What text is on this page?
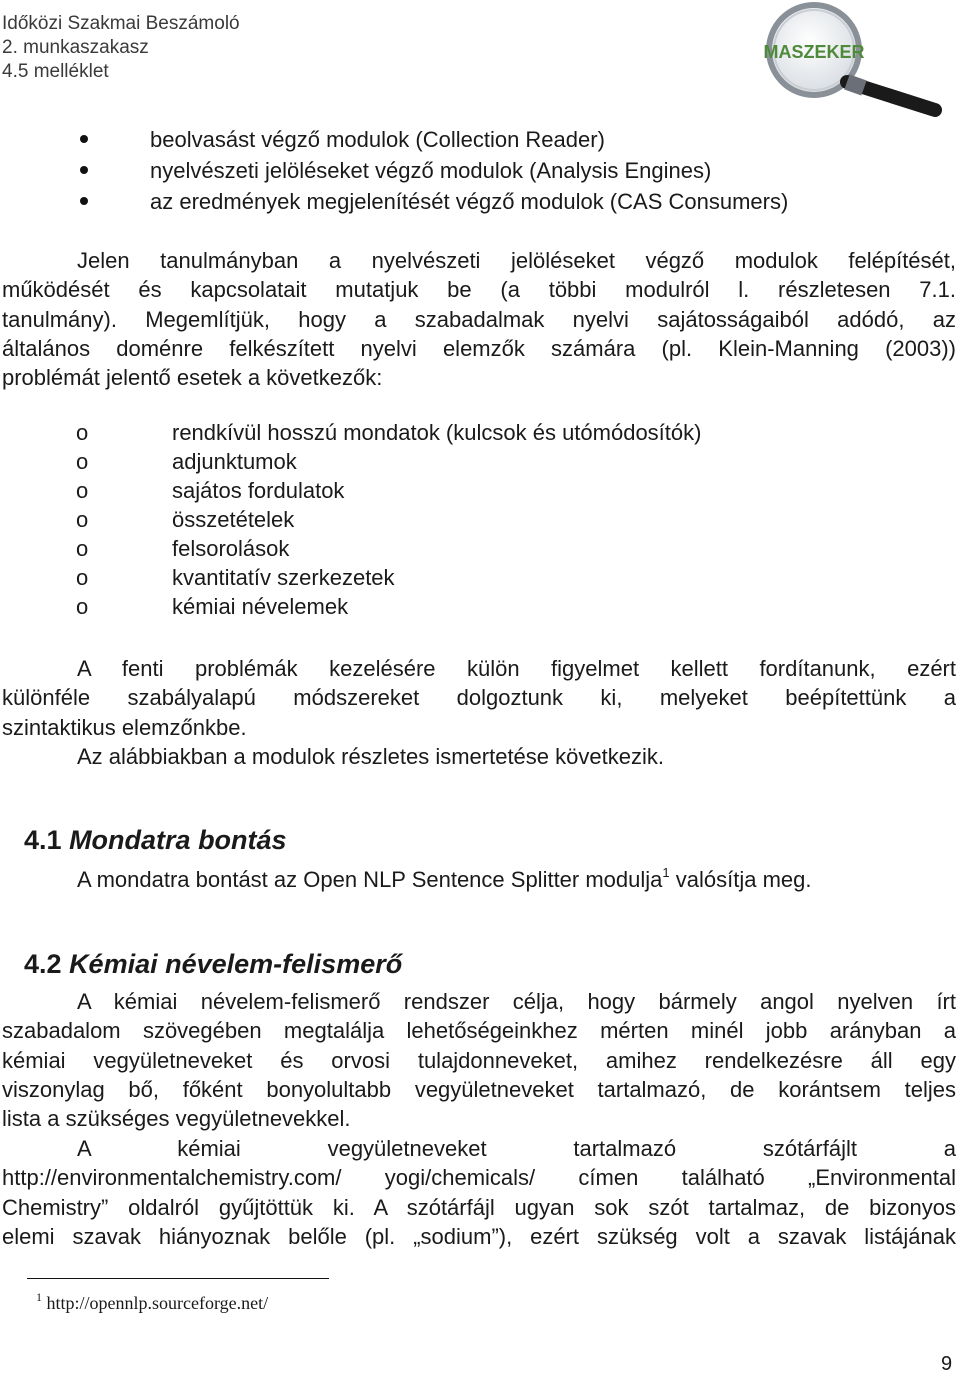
Időközi Szakmai Beszámoló
2. munkaszakasz
4.5 melléklet
MASZEKER
beolvasást végző modulok (Collection Reader)
nyelvészeti jelöléseket végző modulok (Analysis Engines)
az eredmények megjelenítését végző modulok (CAS Consumers)
Jelen tanulmányban a nyelvészeti jelöléseket végző modulok felépítését,
működését és kapcsolatait mutatjuk be (a többi modulról l. részletesen 7.1.
tanulmány). Megemlítjük, hogy a szabadalmak nyelvi sajátosságaiból adódó, az
általános doménre felkészített nyelvi elemzők számára (pl. Klein-Manning (2003))
problémát jelentő esetek a következők:
o	rendkívül hosszú mondatok (kulcsok és utómódosítók)
o	adjunktumok
o	sajátos fordulatok
o	összetételek
o	felsorolások
o	kvantitatív szerkezetek
o	kémiai névelemek
A fenti problémák kezelésére külön figyelmet kellett fordítanunk, ezért
különféle szabályalapú módszereket dolgoztunk ki, melyeket beépítettünk a
szintaktikus elemzőnkbe.
Az alábbiakban a modulok részletes ismertetése következik.
4.1 Mondatra bontás
A mondatra bontást az Open NLP Sentence Splitter modulja$^1$ valósítja meg.
4.2 Kémiai névelem-felismerő
A kémiai névelem-felismerő rendszer célja, hogy bármely angol nyelven írt
szabadalom szövegében megtalálja lehetőségeinkhez mérten minél jobb arányban a
kémiai vegyületneveket és orvosi tulajdonneveket, amihez rendelkezésre áll egy
viszonylag bő, főként bonyolultabb vegyületneveket tartalmazó, de korántsem teljes
lista a szükséges vegyületnevekkel.
A kémiai vegyületneveket tartalmazó szótárfájlt a
http://environmentalchemistry.com/ yogi/chemicals/ címen található „Environmental
Chemistry” oldalról gyűjtöttük ki. A szótárfájl ugyan sok szót tartalmaz, de bizonyos
elemi szavak hiányoznak belőle (pl. „sodium”), ezért szükség volt a szavak listájának
$^1$ http://opennlp.sourceforge.net/
9
